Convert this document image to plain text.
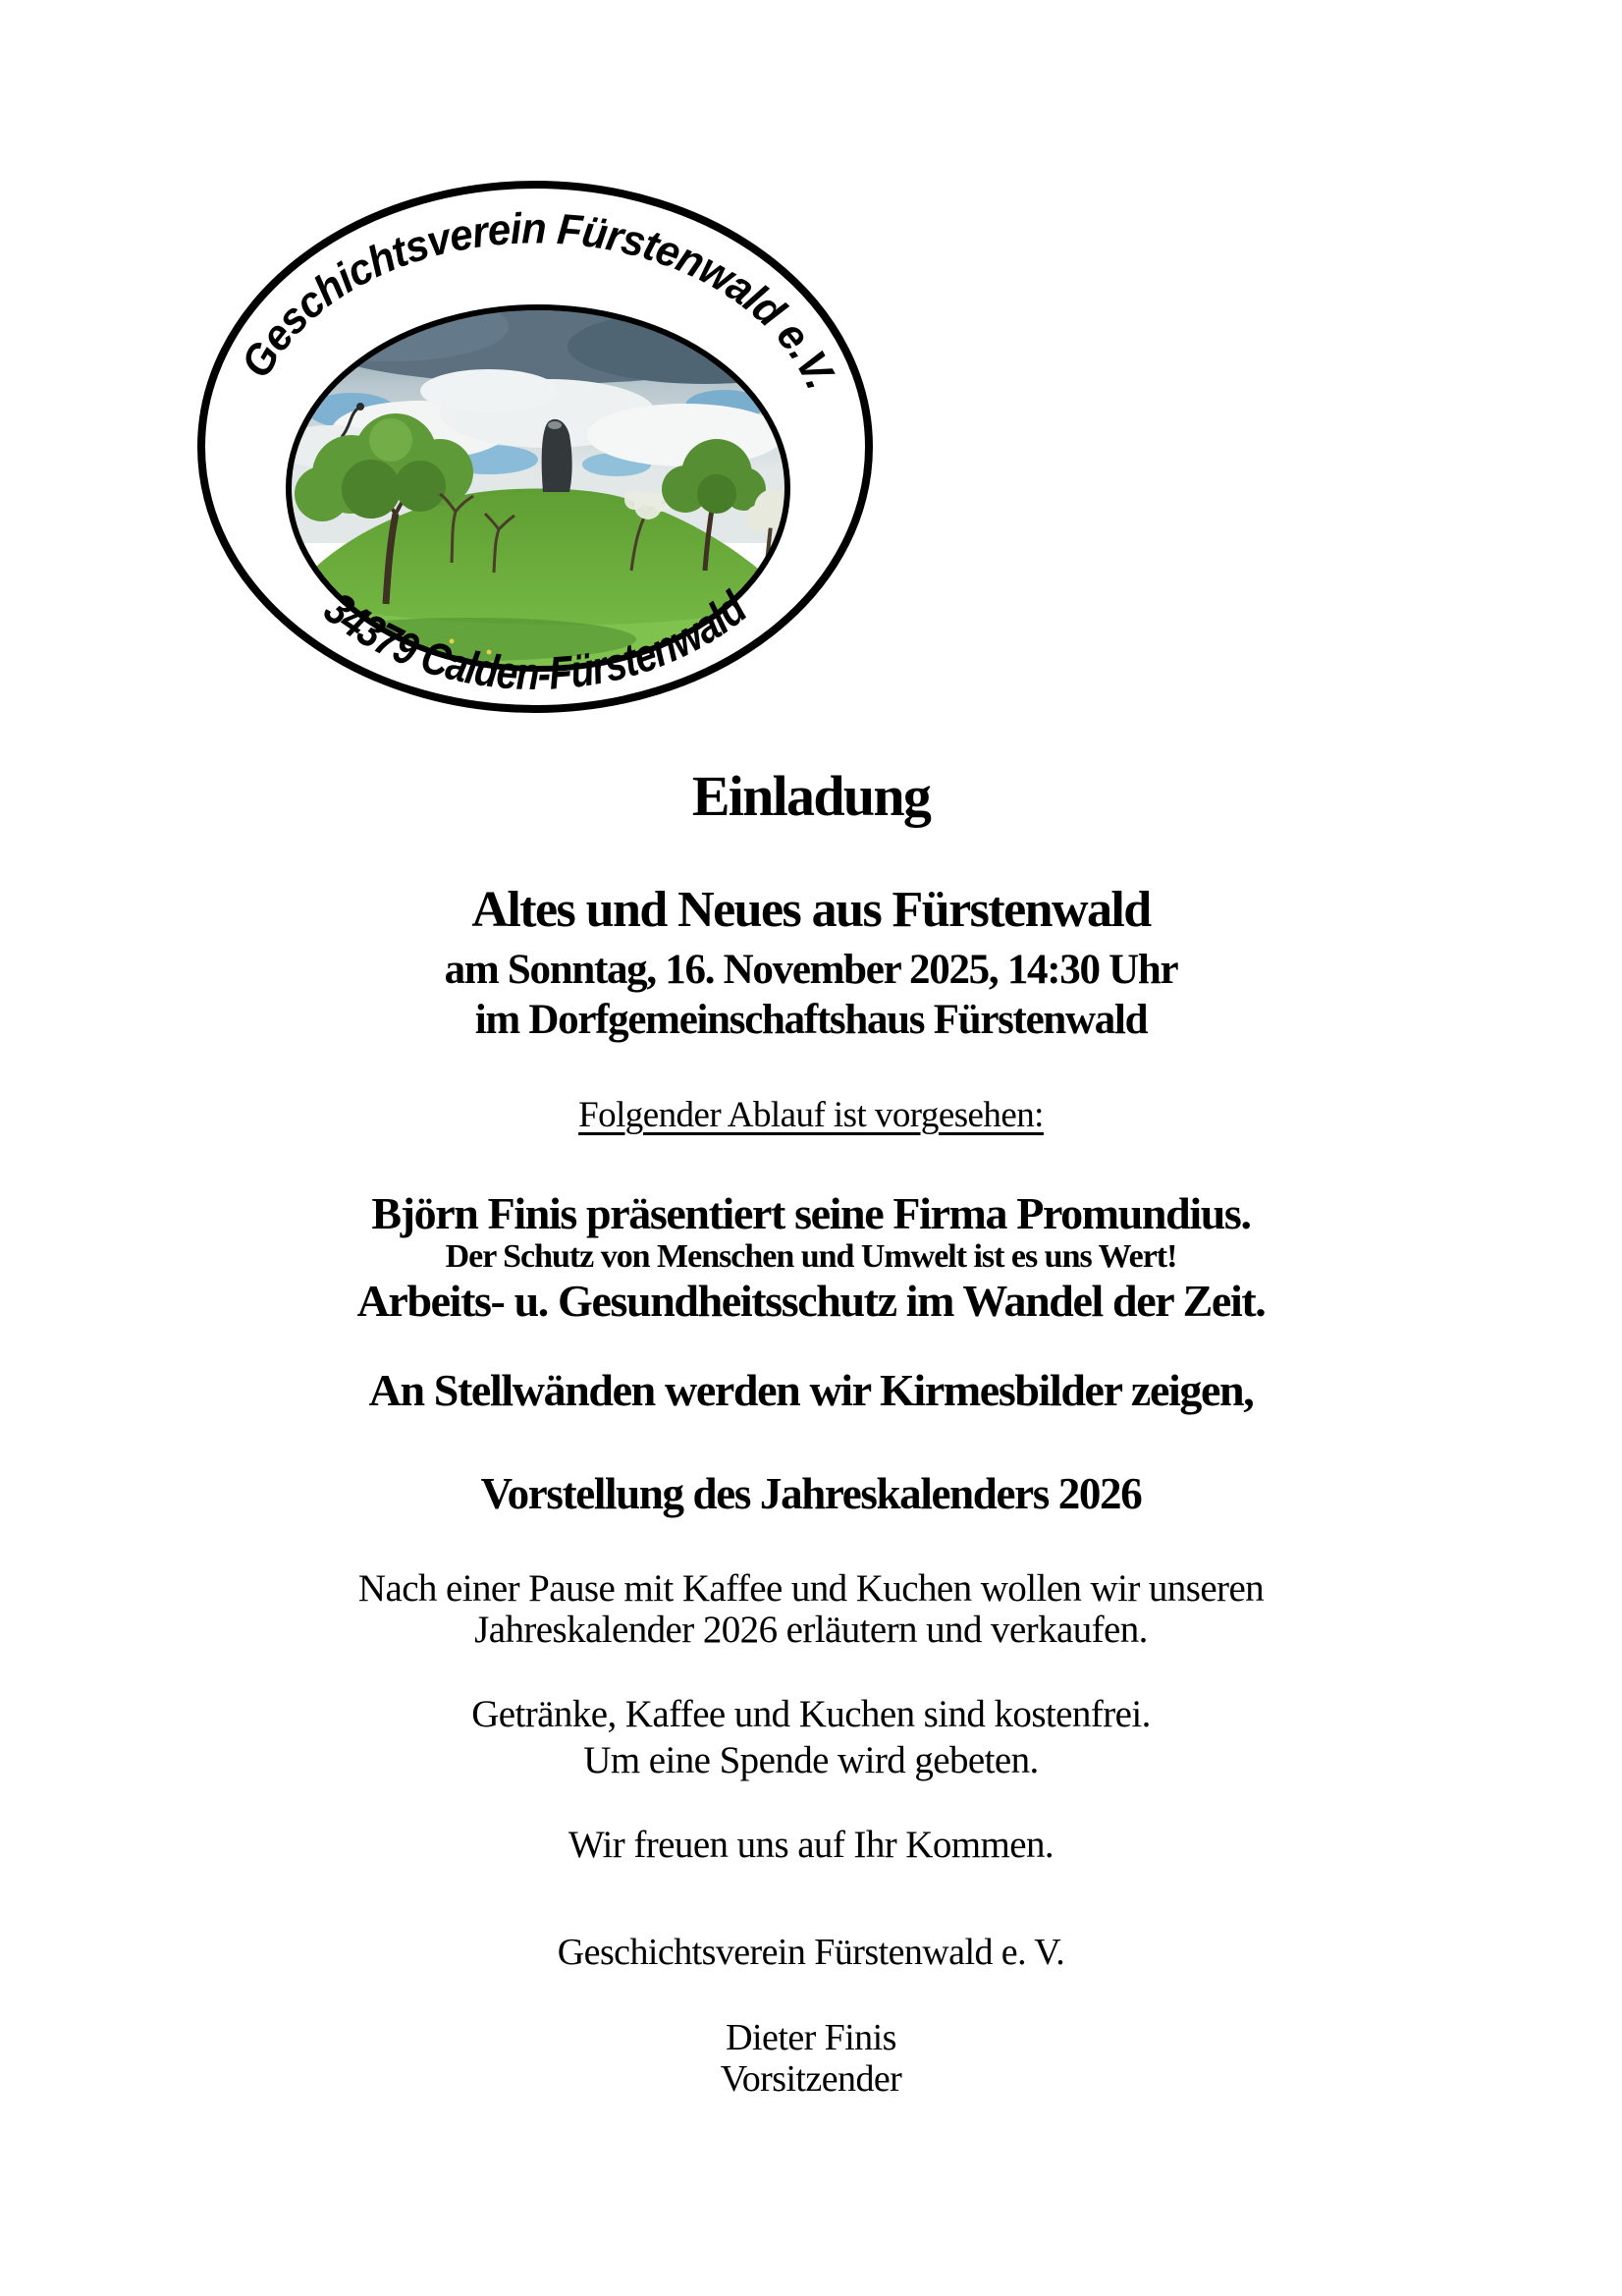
Geschichtsverein Fürstenwald e.V.
34379 Calden-Fürstenwald
Einladung
Altes und Neues aus Fürstenwald
am Sonntag, 16. November 2025, 14:30 Uhr
im Dorfgemeinschaftshaus Fürstenwald
Folgender Ablauf ist vorgesehen:
Björn Finis präsentiert seine Firma Promundius.
Der Schutz von Menschen und Umwelt ist es uns Wert!
Arbeits- u. Gesundheitsschutz im Wandel der Zeit.
An Stellwänden werden wir Kirmesbilder zeigen,
Vorstellung des Jahreskalenders 2026
Nach einer Pause mit Kaffee und Kuchen wollen wir unseren
Jahreskalender 2026 erläutern und verkaufen.
Getränke, Kaffee und Kuchen sind kostenfrei.
Um eine Spende wird gebeten.
Wir freuen uns auf Ihr Kommen.
Geschichtsverein Fürstenwald e. V.
Dieter Finis
Vorsitzender
